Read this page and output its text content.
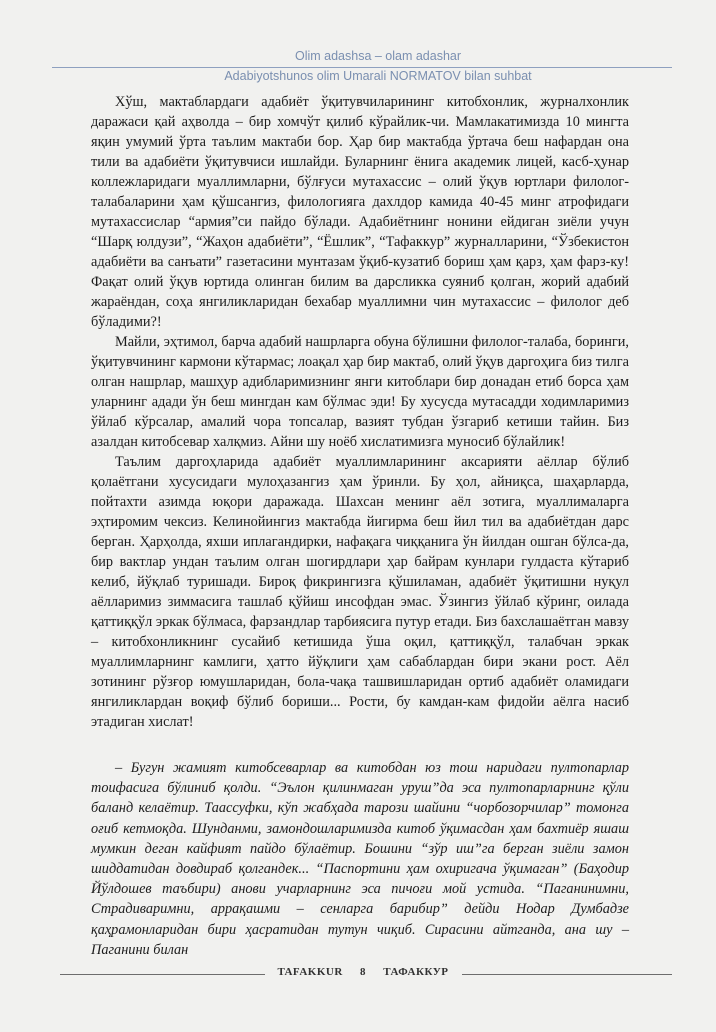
Olim adashsa – olam adashar
Adabiyotshunos olim Umarali NORMATOV bilan suhbat

Хўш, мактаблардаги адабиёт ўқитувчиларининг китобхонлик, журналхонлик даражаси қай аҳволда – бир хомчўт қилиб кўрайлик-чи. Мамлакатимизда 10 мингта яқин умумий ўрта таълим мактаби бор. Ҳар бир мактабда ўртача беш нафардан она тили ва адабиёти ўқитувчиси ишлайди. Буларнинг ёнига академик лицей, касб-ҳунар коллежларидаги муаллимларни, бўлғуси мутахассис – олий ўқув юртлари филолог-талабаларини ҳам қўшсангиз, филологияга дахлдор камида 40-45 минг атрофидаги мутахассислар “армия”си пайдо бўлади. Адабиётнинг нонини ейдиган зиёли учун “Шарқ юлдузи”, “Жаҳон адабиёти”, “Ёшлик”, “Тафаккур” журналларини, “Ўзбекистон адабиёти ва санъати” газетасини мунтазам ўқиб-кузатиб бориш ҳам қарз, ҳам фарз-ку! Фақат олий ўқув юртида олинган билим ва дарсликка суяниб қолган, жорий адабий жараёндан, соҳа янгиликларидан бехабар муаллимни чин мутахассис – филолог деб бўладими?!

Майли, эҳтимол, барча адабий нашрларга обуна бўлишни филолог-талаба, боринги, ўқитувчининг кармони кўтармас; лоақал ҳар бир мактаб, олий ўқув даргоҳига биз тилга олган нашрлар, машҳур адибларимизнинг янги китоблари бир донадан етиб борса ҳам уларнинг адади ўн беш мингдан кам бўлмас эди! Бу хусусда мутасадди ходимларимиз ўйлаб кўрсалар, амалий чора топсалар, вазият тубдан ўзгариб кетиши тайин. Биз азалдан китобсевар халқмиз. Айни шу ноёб хислатимизга муносиб бўлайлик!

Таълим даргоҳларида адабиёт муаллимларининг аксарияти аёллар бўлиб қолаётгани хусусидаги мулоҳазангиз ҳам ўринли. Бу ҳол, айниқса, шаҳарларда, пойтахти азимда юқори даражада. Шахсан менинг аёл зотига, муаллималарга эҳтиромим чексиз. Келинойингиз мактабда йигирма беш йил тил ва адабиётдан дарс берган. Ҳарҳолда, яхши иплагандирки, нафақага чиққанига ўн йилдан ошган бўлса-да, бир вактлар ундан таълим олган шогирдлари ҳар байрам кунлари гулдаста кўтариб келиб, йўқлаб туришади. Бироқ фикрингизга қўшиламан, адабиёт ўқитишни нуқул аёлларимиз зиммасига ташлаб қўйиш инсофдан эмас. Ўзингиз ўйлаб кўринг, оилада қаттиққўл эркак бўлмаса, фарзандлар тарбиясига путур етади. Биз бахслашаётган мавзу – китобхонликнинг сусайиб кетишида ўша оқил, қаттиққўл, талабчан эркак муаллимларнинг камлиги, ҳатто йўқлиги ҳам сабаблардан бири экани рост. Аёл зотининг рўзғор юмушларидан, бола-чақа ташвишларидан ортиб адабиёт оламидаги янгиликлардан воқиф бўлиб бориши... Рости, бу камдан-кам фидойи аёлга насиб этадиган хислат!

– Бугун жамият китобсеварлар ва китобдан юз тош наридаги пултопарлар тоифасига бўлиниб қолди. “Эълон қилинмаган уруш”да эса пултопарларнинг қўли баланд келаётир. Таассуфки, кўп жабҳада тарози шайини “чорбозорчилар” томонга оғиб кетмоқда. Шунданми, замондошларимизда китоб ўқимасдан ҳам бахтиёр яшаш мумкин деган кайфият пайдо бўлаётир. Бошини “зўр иш”га берган зиёли замон шиддатидан довдираб қолгандек... “Паспортини ҳам охиригача ўқимаган” (Баҳодир Йўлдошев таъбири) анови учарларнинг эса пичоғи мой устида. “Паганинимни, Страдиваримни, аррақашми – сенларга барибир” дейди Нодар Думбадзе қаҳрамонларидан бири ҳасратидан тутун чиқиб. Сирасини айтганда, ана шу – Паганини билан

TAFAKKUR 8 ТАФАККУР
